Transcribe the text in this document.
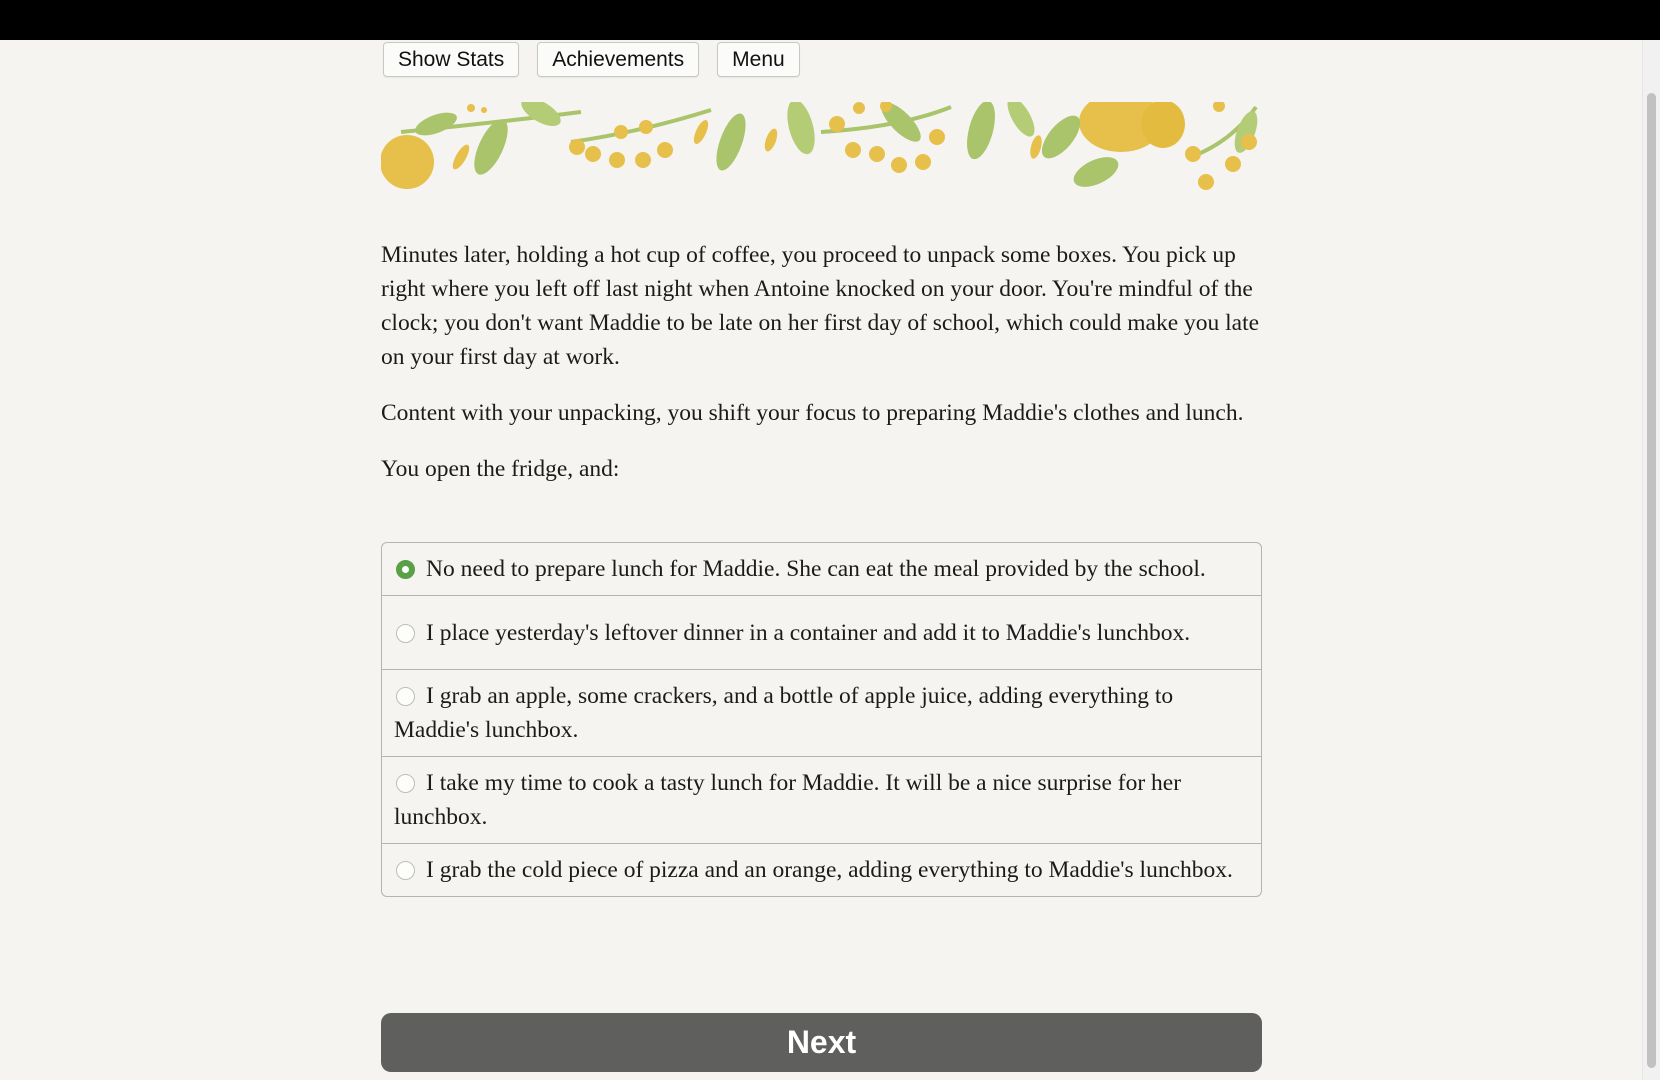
Show Stats	Achievements	Menu

Minutes later, holding a hot cup of coffee, you proceed to unpack some boxes. You pick up right where you left off last night when Antoine knocked on your door. You're mindful of the clock; you don't want Maddie to be late on her first day of school, which could make you late on your first day at work.

Content with your unpacking, you shift your focus to preparing Maddie's clothes and lunch.

You open the fridge, and:

No need to prepare lunch for Maddie. She can eat the meal provided by the school.
I place yesterday's leftover dinner in a container and add it to Maddie's lunchbox.
I grab an apple, some crackers, and a bottle of apple juice, adding everything to Maddie's lunchbox.
I take my time to cook a tasty lunch for Maddie. It will be a nice surprise for her lunchbox.
I grab the cold piece of pizza and an orange, adding everything to Maddie's lunchbox.
Next
